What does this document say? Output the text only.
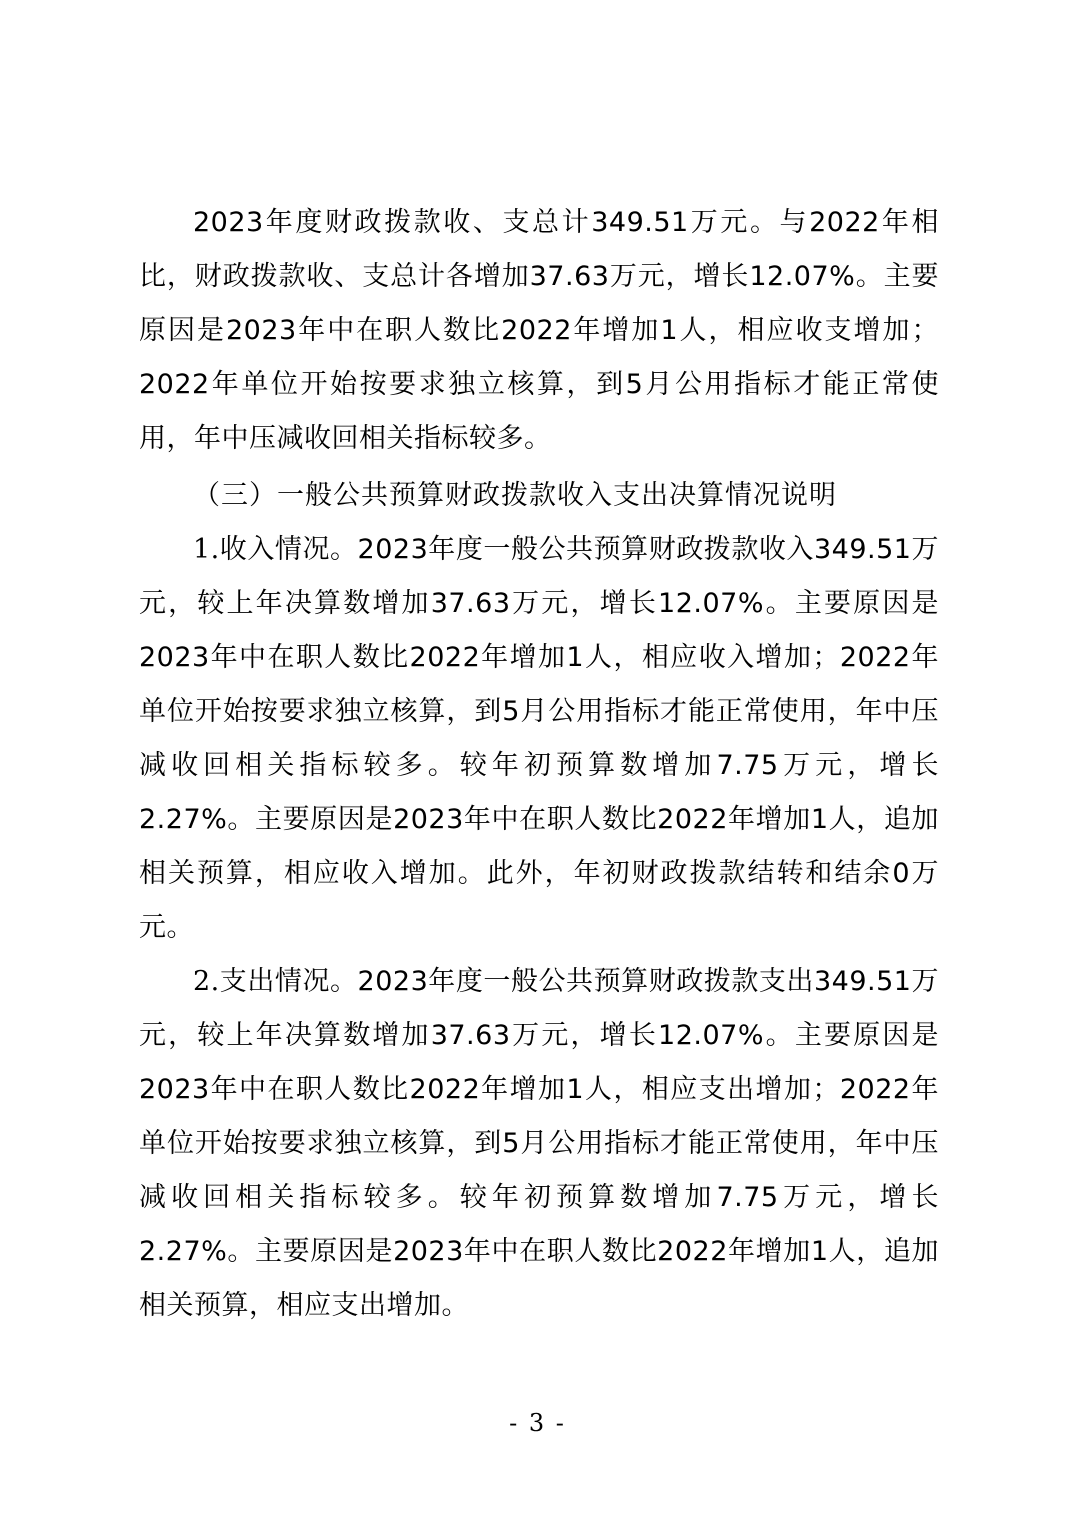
2023年度财政拨款收、支总计349.51万元。与2022年相比，财政拨款收、支总计各增加37.63万元，增长12.07%。主要原因是2023年中在职人数比2022年增加1人，相应收支增加；2022年单位开始按要求独立核算，到5月公用指标才能正常使用，年中压减收回相关指标较多。

（三）一般公共预算财政拨款收入支出决算情况说明

1.收入情况。2023年度一般公共预算财政拨款收入349.51万元，较上年决算数增加37.63万元，增长12.07%。主要原因是2023年中在职人数比2022年增加1人，相应收入增加；2022年单位开始按要求独立核算，到5月公用指标才能正常使用，年中压减收回相关指标较多。较年初预算数增加7.75万元，增长2.27%。主要原因是2023年中在职人数比2022年增加1人，追加相关预算，相应收入增加。此外，年初财政拨款结转和结余0万元。

2.支出情况。2023年度一般公共预算财政拨款支出349.51万元，较上年决算数增加37.63万元，增长12.07%。主要原因是2023年中在职人数比2022年增加1人，相应支出增加；2022年单位开始按要求独立核算，到5月公用指标才能正常使用，年中压减收回相关指标较多。较年初预算数增加7.75万元，增长2.27%。主要原因是2023年中在职人数比2022年增加1人，追加相关预算，相应支出增加。

- 3 -
